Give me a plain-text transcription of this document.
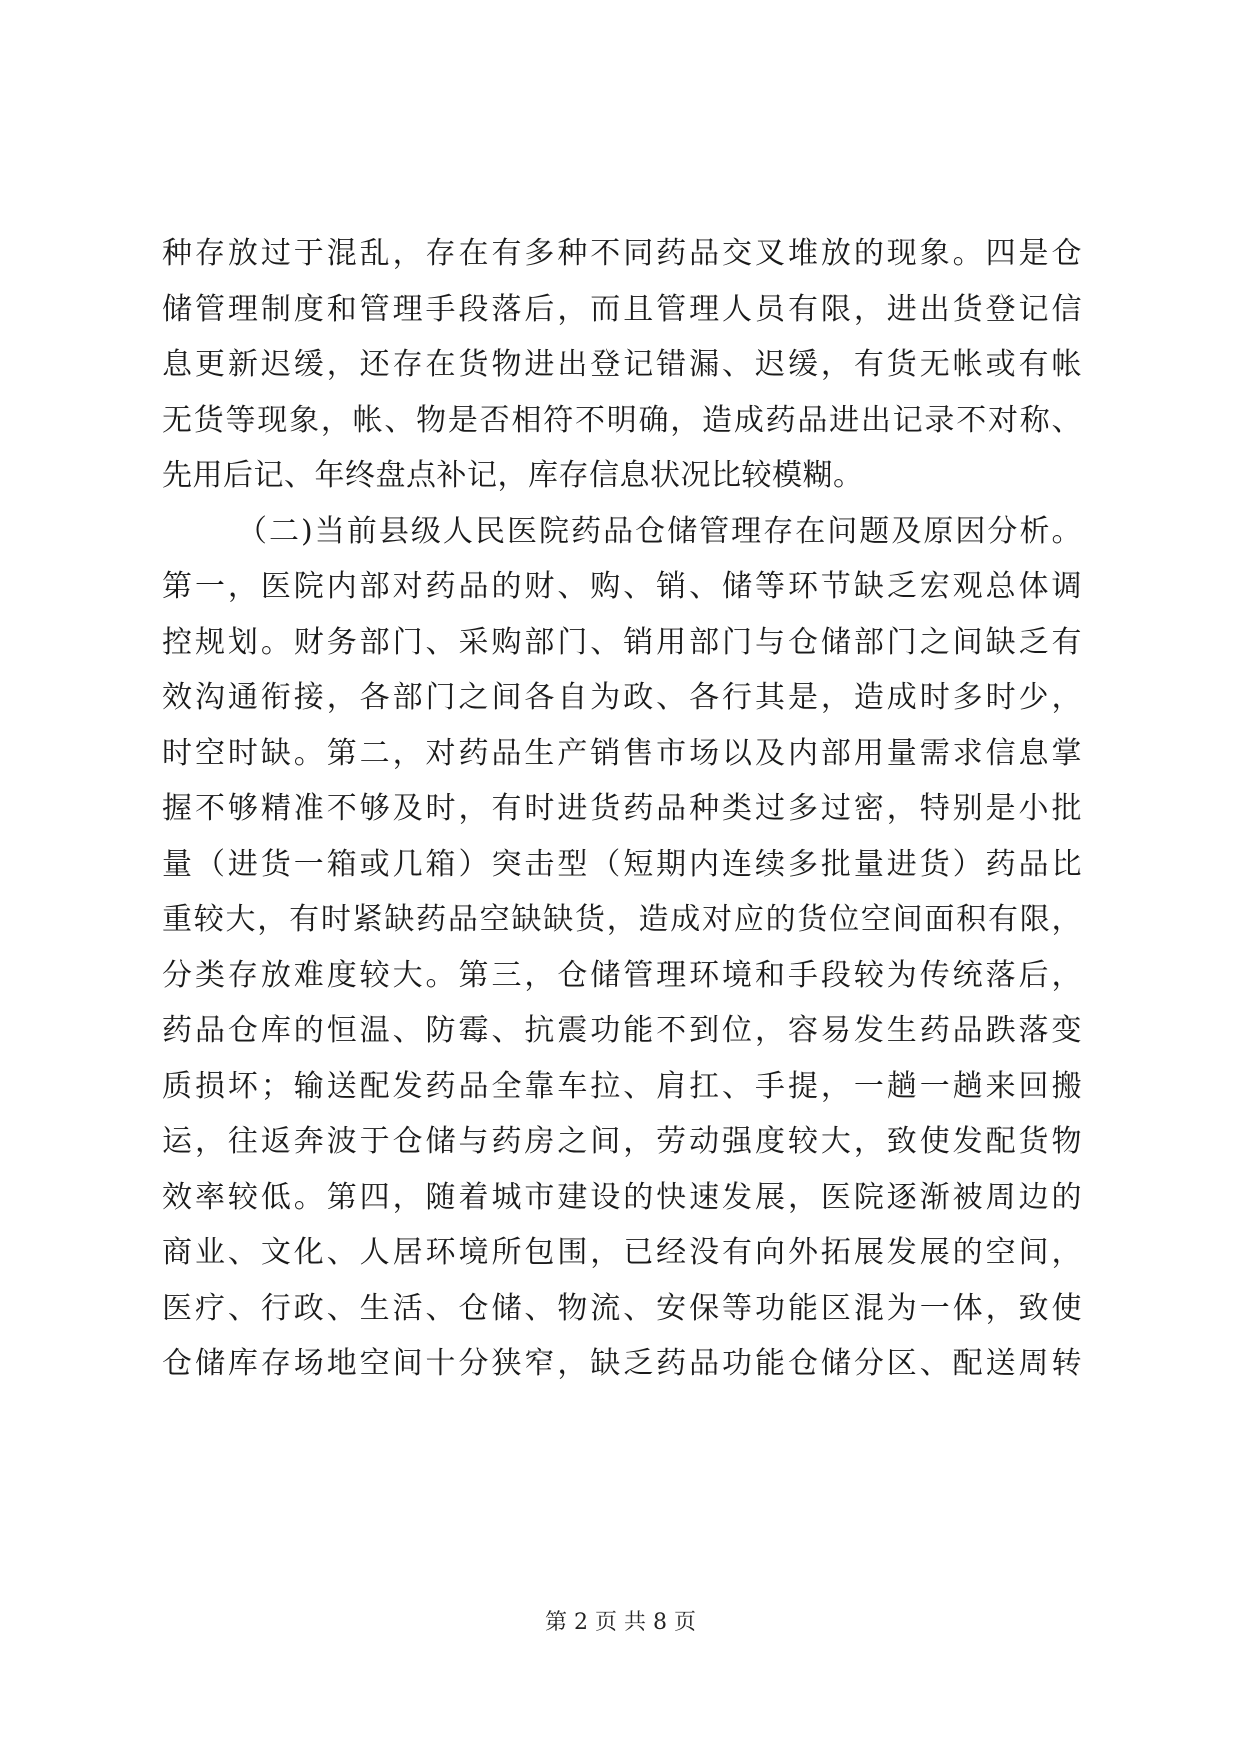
种存放过于混乱，存在有多种不同药品交叉堆放的现象。四是仓
储管理制度和管理手段落后，而且管理人员有限，进出货登记信
息更新迟缓，还存在货物进出登记错漏、迟缓，有货无帐或有帐
无货等现象，帐、物是否相符不明确，造成药品进出记录不对称、
先用后记、年终盘点补记，库存信息状况比较模糊。
（二)当前县级人民医院药品仓储管理存在问题及原因分析。
第一，医院内部对药品的财、购、销、储等环节缺乏宏观总体调
控规划。财务部门、采购部门、销用部门与仓储部门之间缺乏有
效沟通衔接，各部门之间各自为政、各行其是，造成时多时少，
时空时缺。第二，对药品生产销售市场以及内部用量需求信息掌
握不够精准不够及时，有时进货药品种类过多过密，特别是小批
量（进货一箱或几箱）突击型（短期内连续多批量进货）药品比
重较大，有时紧缺药品空缺缺货，造成对应的货位空间面积有限，
分类存放难度较大。第三，仓储管理环境和手段较为传统落后，
药品仓库的恒温、防霉、抗震功能不到位，容易发生药品跌落变
质损坏；输送配发药品全靠车拉、肩扛、手提，一趟一趟来回搬
运，往返奔波于仓储与药房之间，劳动强度较大，致使发配货物
效率较低。第四，随着城市建设的快速发展，医院逐渐被周边的
商业、文化、人居环境所包围，已经没有向外拓展发展的空间，
医疗、行政、生活、仓储、物流、安保等功能区混为一体，致使
仓储库存场地空间十分狭窄，缺乏药品功能仓储分区、配送周转
第 2 页 共 8 页
